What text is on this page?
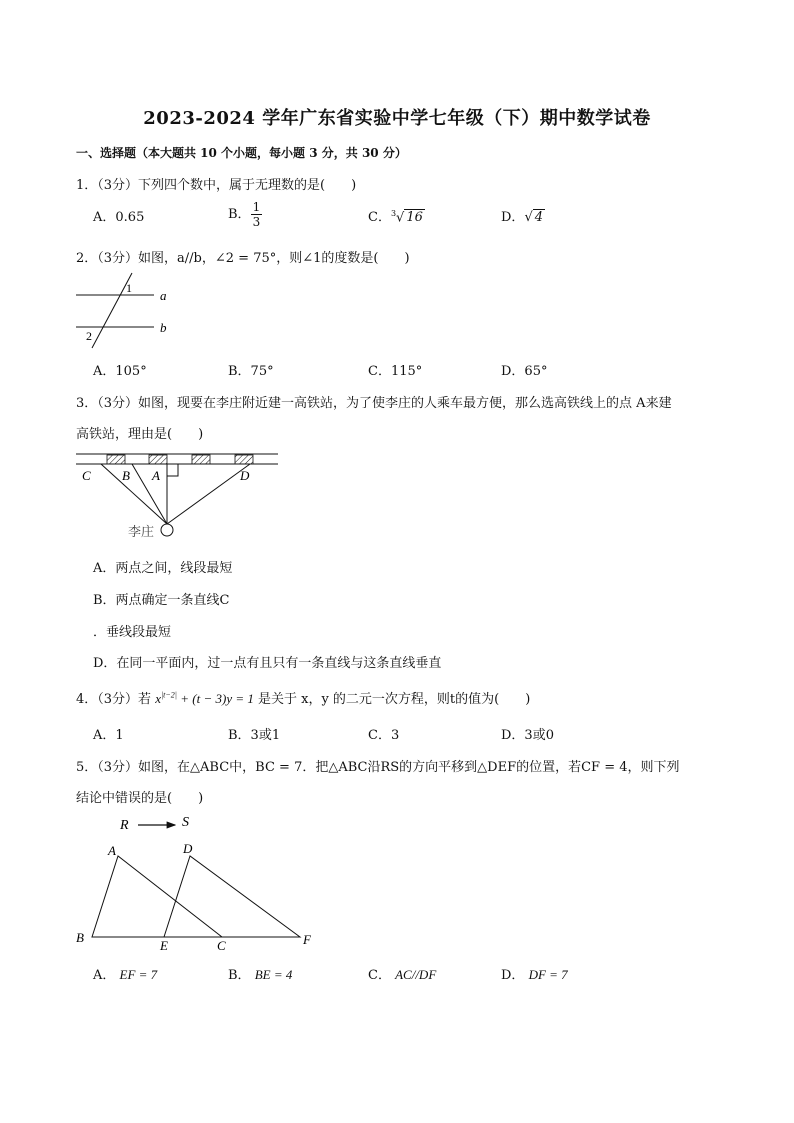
2023-2024 学年广东省实验中学七年级（下）期中数学试卷
一、选择题（本大题共 10 个小题，每小题 3 分，共 30 分）
1．（3分）下列四个数中，属于无理数的是(　　)
A．0.65	B． $\frac{1}{3}$	C．$^3$√ 16	D．√ 4
2．（3分）如图，a//b，∠2 = 75°，则∠1的度数是(　　)
a
b
1
2
A．105°	B．75°	C．115°	D．65°
3．（3分）如图，现要在李庄附近建一高铁站，为了使李庄的人乘车最方便，那么选高铁线上的点 A来建
高铁站，理由是(　　)
C B A	D
李庄
A．两点之间，线段最短
B．两点确定一条直线C
．垂线段最短
D．在同一平面内，过一点有且只有一条直线与这条直线垂直
4．（3分）若 $x^{|t-2|} + (t - 3)y = 1$ 是关于 x，y 的二元一次方程，则t的值为(　　)
A．1	B．3或1	C．3	D．3或0
5．（3分）如图，在△ABC中，BC = 7．把△ABC沿RS的方向平移到△DEF的位置，若CF = 4，则下列
结论中错误的是(　　)
R	S
A	D
B
E	C	F
A． EF = 7	B． BE = 4	C． AC//DF	D． DF = 7
